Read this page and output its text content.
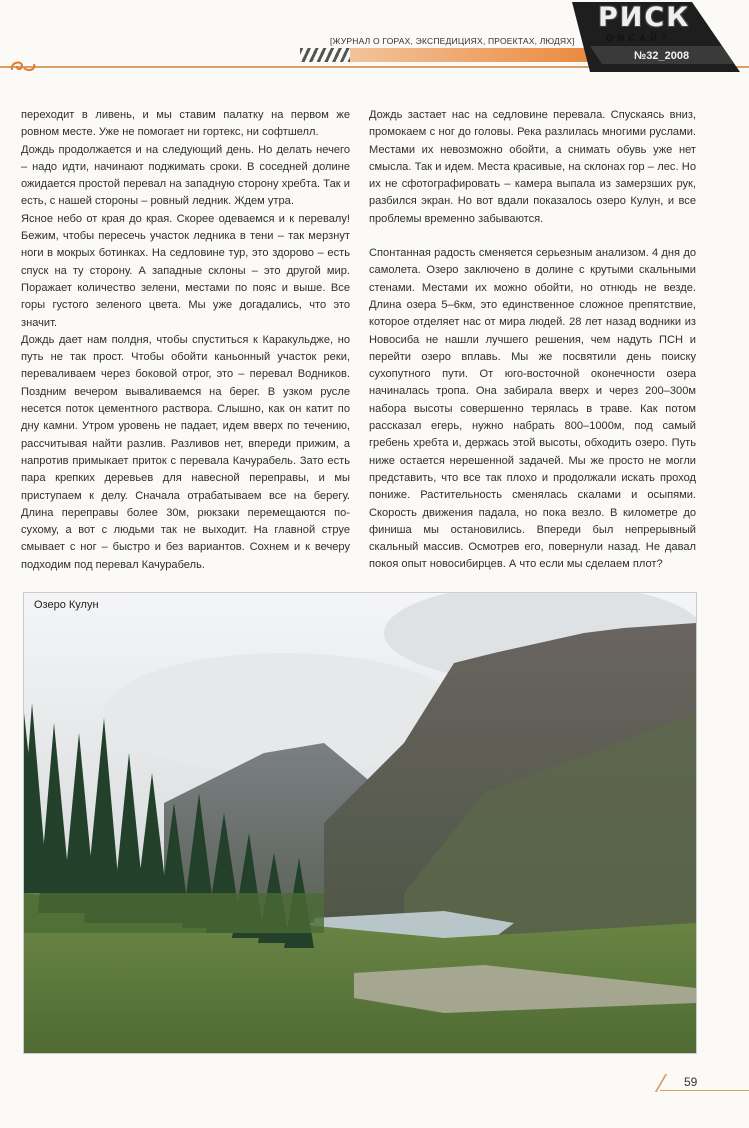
[ЖУРНАЛ О ГОРАХ, ЭКСПЕДИЦИЯХ, ПРОЕКТАХ, ЛЮДЯХ]
РИСК
ОНСАЙТ
№32_2008

переходит в ливень, и мы ставим палатку на первом же ровном месте. Уже не помогает ни гортекс, ни софтшелл.

Дождь продолжается и на следующий день. Но делать нечего – надо идти, начинают поджимать сроки. В соседней долине ожидается простой перевал на западную сторону хребта. Так и есть, с нашей стороны – ровный ледник. Ждем утра.

Ясное небо от края до края. Скорее одеваемся и к перевалу! Бежим, чтобы пересечь участок ледника в тени – так мерзнут ноги в мокрых ботинках. На седловине тур, это здорово – есть спуск на ту сторону. А западные склоны – это другой мир. Поражает количество зелени, местами по пояс и выше. Все горы густого зеленого цвета. Мы уже догадались, что это значит.

Дождь дает нам полдня, чтобы спуститься к Каракульдже, но путь не так прост. Чтобы обойти каньонный участок реки, переваливаем через боковой отрог, это – перевал Водников. Поздним вечером вываливаемся на берег. В узком русле несется поток цементного раствора. Слышно, как он катит по дну камни. Утром уровень не падает, идем вверх по течению, рассчитывая найти разлив. Разливов нет, впереди прижим, а напротив примыкает приток с перевала Качурабель. Зато есть пара крепких деревьев для навесной переправы, и мы приступаем к делу. Сначала отрабатываем все на берегу. Длина переправы более 30м, рюкзаки перемещаются по-сухому, а вот с людьми так не выходит. На главной струе смывает с ног – быстро и без вариантов. Сохнем и к вечеру подходим под перевал Качурабель.

Дождь застает нас на седловине перевала. Спускаясь вниз, промокаем с ног до головы. Река разлилась многими руслами. Местами их невозможно обойти, а снимать обувь уже нет смысла. Так и идем. Места красивые, на склонах гор – лес. Но их не сфотографировать – камера выпала из замерзших рук, разбился экран. Но вот вдали показалось озеро Кулун, и все проблемы временно забываются.

Спонтанная радость сменяется серьезным анализом. 4 дня до самолета. Озеро заключено в долине с крутыми скальными стенами. Местами их можно обойти, но отнюдь не везде. Длина озера 5–6км, это единственное сложное препятствие, которое отделяет нас от мира людей. 28 лет назад водники из Новосиба не нашли лучшего решения, чем надуть ПСН и перейти озеро вплавь. Мы же посвятили день поиску сухопутного пути. От юго-восточной оконечности озера начиналась тропа. Она забирала вверх и через 200–300м набора высоты совершенно терялась в траве. Как потом рассказал егерь, нужно набрать 800–1000м, под самый гребень хребта и, держась этой высоты, обходить озеро. Путь ниже остается нерешенной задачей. Мы же просто не могли представить, что все так плохо и продолжали искать проход пониже. Растительность сменялась скалами и осыпями. Скорость движения падала, но пока везло. В километре до финиша мы остановились. Впереди был непрерывный скальный массив. Осмотрев его, повернули назад. Не давал покоя опыт новосибирцев. А что если мы сделаем плот?

Озеро Кулун
59
